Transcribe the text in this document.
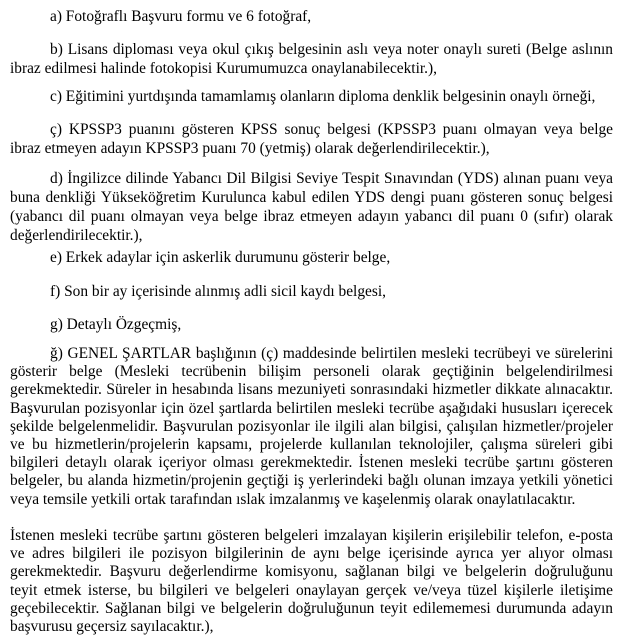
a) Fotoğraflı Başvuru formu ve 6 fotoğraf,

b) Lisans diploması veya okul çıkış belgesinin aslı veya noter onaylı sureti (Belge aslının ibraz edilmesi halinde fotokopisi Kurumumuzca onaylanabilecektir.),

c) Eğitimini yurtdışında tamamlamış olanların diploma denklik belgesinin onaylı örneği,

ç) KPSSP3 puanını gösteren KPSS sonuç belgesi (KPSSP3 puanı olmayan veya belge ibraz etmeyen adayın KPSSP3 puanı 70 (yetmiş) olarak değerlendirilecektir.),

d) İngilizce dilinde Yabancı Dil Bilgisi Seviye Tespit Sınavından (YDS) alınan puanı veya buna denkliği Yükseköğretim Kurulunca kabul edilen YDS dengi puanı gösteren sonuç belgesi (yabancı dil puanı olmayan veya belge ibraz etmeyen adayın yabancı dil puanı 0 (sıfır) olarak değerlendirilecektir.),

e) Erkek adaylar için askerlik durumunu gösterir belge,

f) Son bir ay içerisinde alınmış adli sicil kaydı belgesi,

g) Detaylı Özgeçmiş,

ğ) GENEL ŞARTLAR başlığının (ç) maddesinde belirtilen mesleki tecrübeyi ve sürelerini gösterir belge (Mesleki tecrübenin bilişim personeli olarak geçtiğinin belgelendirilmesi gerekmektedir. Süreler in hesabında lisans mezuniyeti sonrasındaki hizmetler dikkate alınacaktır. Başvurulan pozisyonlar için özel şartlarda belirtilen mesleki tecrübe aşağıdaki hususları içerecek şekilde belgelenmelidir. Başvurulan pozisyonlar ile ilgili alan bilgisi, çalışılan hizmetler/projeler ve bu hizmetlerin/projelerin kapsamı, projelerde kullanılan teknolojiler, çalışma süreleri gibi bilgileri detaylı olarak içeriyor olması gerekmektedir. İstenen mesleki tecrübe şartını gösteren belgeler, bu alanda hizmetin/projenin geçtiği iş yerlerindeki bağlı olunan imzaya yetkili yönetici veya temsile yetkili ortak tarafından ıslak imzalanmış ve kaşelenmiş olarak onaylatılacaktır.

İstenen mesleki tecrübe şartını gösteren belgeleri imzalayan kişilerin erişilebilir telefon, e-posta ve adres bilgileri ile pozisyon bilgilerinin de aynı belge içerisinde ayrıca yer alıyor olması gerekmektedir. Başvuru değerlendirme komisyonu, sağlanan bilgi ve belgelerin doğruluğunu teyit etmek isterse, bu bilgileri ve belgeleri onaylayan gerçek ve/veya tüzel kişilerle iletişime geçebilecektir. Sağlanan bilgi ve belgelerin doğruluğunun teyit edilememesi durumunda adayın başvurusu geçersiz sayılacaktır.),
